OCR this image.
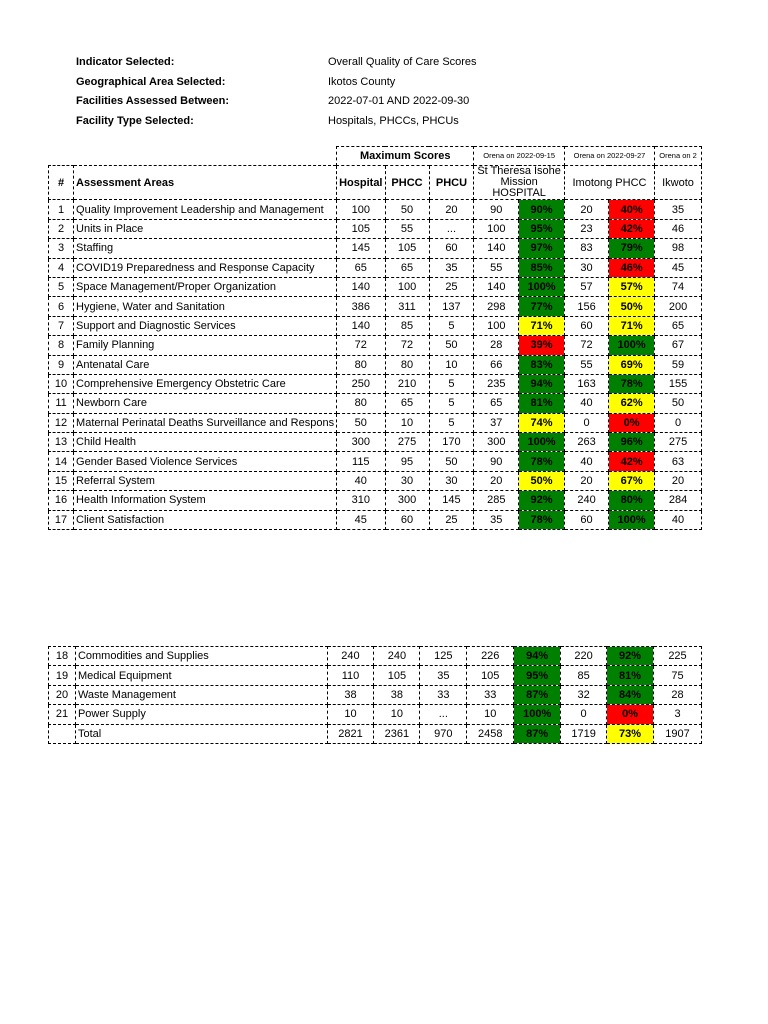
Indicator Selected:	Overall Quality of Care Scores
Geographical Area Selected:	Ikotos County
Facilities Assessed Between:	2022-07-01 AND 2022-09-30
Facility Type Selected:	Hospitals, PHCCs, PHCUs
		Maximum Scores			Orena on 2022-09-15		Orena on 2022-09-27		Orena on 2
#	Assessment Areas	Hospital	PHCC	PHCU	St Theresa Isohe Mission HOSPITAL		Imotong PHCC		Ikwoto
1	Quality Improvement Leadership and Management	100	50	20	90	90%	20	40%	35
2	Units in Place	105	55	...	100	95%	23	42%	46
3	Staffing	145	105	60	140	97%	83	79%	98
4	COVID19 Preparedness and Response Capacity	65	65	35	55	85%	30	46%	45
5	Space Management/Proper Organization	140	100	25	140	100%	57	57%	74
6	Hygiene, Water and Sanitation	386	311	137	298	77%	156	50%	200
7	Support and Diagnostic Services	140	85	5	100	71%	60	71%	65
8	Family Planning	72	72	50	28	39%	72	100%	67
9	Antenatal Care	80	80	10	66	83%	55	69%	59
10	Comprehensive Emergency Obstetric Care	250	210	5	235	94%	163	78%	155
11	Newborn Care	80	65	5	65	81%	40	62%	50
12	Maternal Perinatal Deaths Surveillance and Respons	50	10	5	37	74%	0	0%	0
13	Child Health	300	275	170	300	100%	263	96%	275
14	Gender Based Violence Services	115	95	50	90	78%	40	42%	63
15	Referral System	40	30	30	20	50%	20	67%	20
16	Health Information System	310	300	145	285	92%	240	80%	284
17	Client Satisfaction	45	60	25	35	78%	60	100%	40
18	Commodities and Supplies	240	240	125	226	94%	220	92%	225
19	Medical Equipment	110	105	35	105	95%	85	81%	75
20	Waste Management	38	38	33	33	87%	32	84%	28
21	Power Supply	10	10	...	10	100%	0	0%	3
	Total	2821	2361	970	2458	87%	1719	73%	1907
